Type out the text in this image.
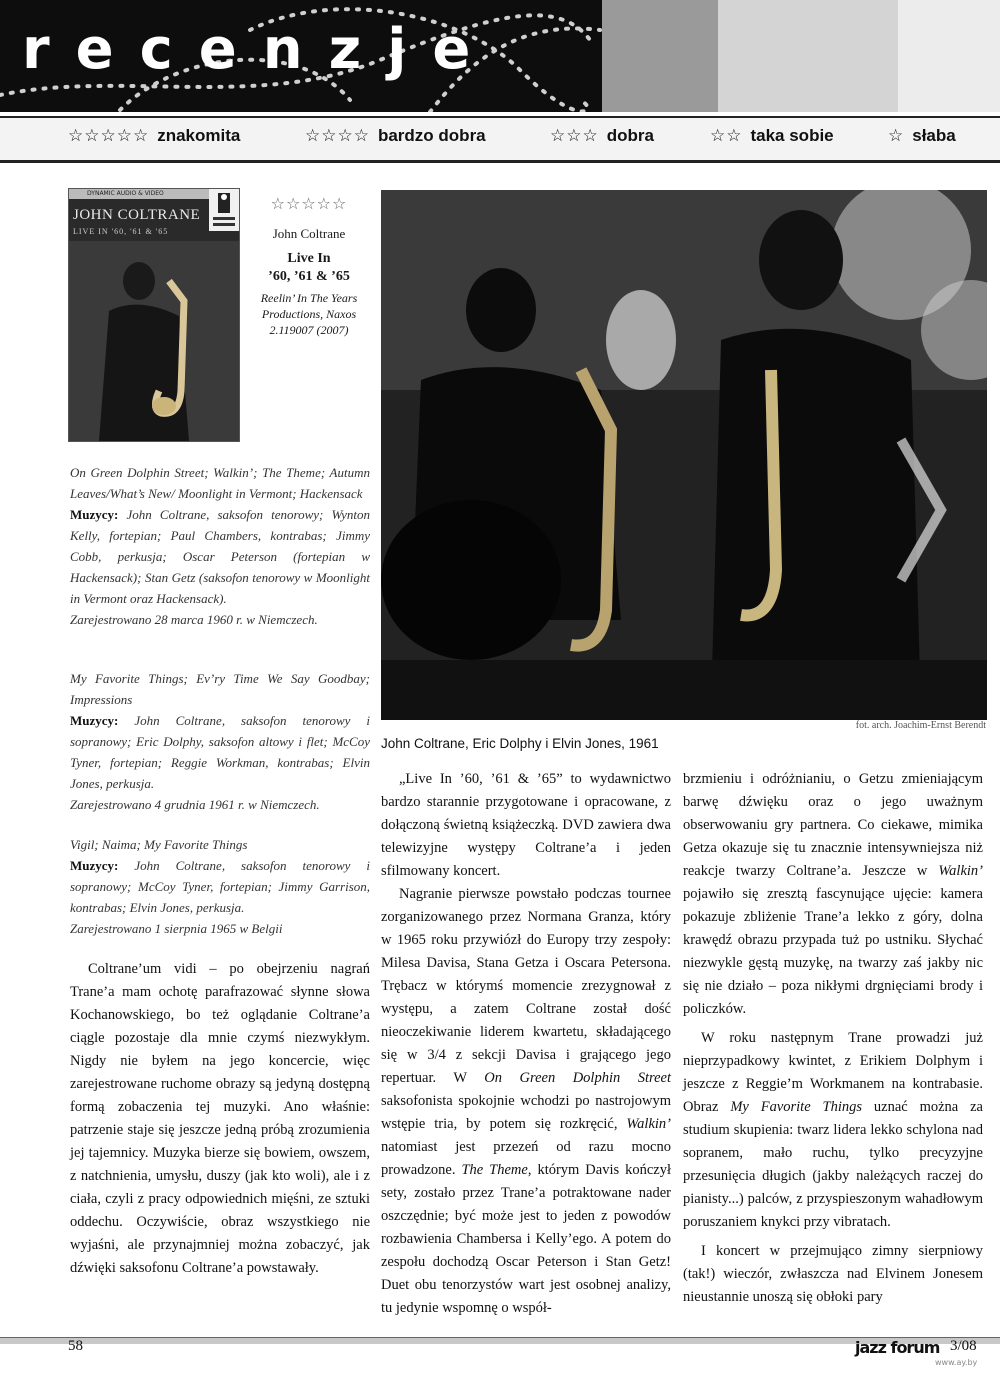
recenzje
☆☆☆☆☆ znakomita	☆☆☆☆ bardzo dobra	☆☆☆ dobra	☆☆ taka sobie	☆ słaba
DYNAMIC AUDIO & VIDEO
JOHN COLTRANE
LIVE IN '60, '61 & '65
☆☆☆☆☆
John Coltrane
Live In
’60, ’61 & ’65
Reelin’ In The Years Productions, Naxos 2.119007 (2007)
On Green Dolphin Street; Walkin’; The Theme; Autumn Leaves/What’s New/ Moonlight in Vermont; Hackensack
Muzycy: John Coltrane, saksofon tenorowy; Wynton Kelly, fortepian; Paul Chambers, kontrabas; Jimmy Cobb, perkusja; Oscar Peterson (fortepian w Hackensack); Stan Getz (saksofon tenorowy w Moonlight in Vermont oraz Hackensack).
Zarejestrowano 28 marca 1960 r. w Niemczech.
My Favorite Things; Ev’ry Time We Say Goodbay; Impressions
Muzycy: John Coltrane, saksofon tenorowy i sopranowy; Eric Dolphy, saksofon altowy i flet; McCoy Tyner, fortepian; Reggie Workman, kontrabas; Elvin Jones, perkusja.
Zarejestrowano 4 grudnia 1961 r. w Niemczech.
Vigil; Naima; My Favorite Things
Muzycy: John Coltrane, saksofon tenorowy i sopranowy; McCoy Tyner, fortepian; Jimmy Garrison, kontrabas; Elvin Jones, perkusja.
Zarejestrowano 1 sierpnia 1965 w Belgii
fot. arch. Joachim-Ernst Berendt
John Coltrane, Eric Dolphy i Elvin Jones, 1961

Coltrane’um vidi – po obejrzeniu nagrań Trane’a mam ochotę parafrazować słynne słowa Kochanowskiego, bo też oglądanie Coltrane’a ciągle pozostaje dla mnie czymś niezwykłym. Nigdy nie byłem na jego koncercie, więc zarejestrowane ruchome obrazy są jedyną dostępną formą zobaczenia tej muzyki. Ano właśnie: patrzenie staje się jeszcze jedną próbą zrozumienia jej tajemnicy. Muzyka bierze się bowiem, owszem, z natchnienia, umysłu, duszy (jak kto woli), ale i z ciała, czyli z pracy odpowiednich mięśni, ze sztuki oddechu. Oczywiście, obraz wszystkiego nie wyjaśni, ale przynajmniej można zobaczyć, jak dźwięki saksofonu Coltrane’a powstawały.

„Live In ’60, ’61 & ’65” to wydawnictwo bardzo starannie przygotowane i opracowane, z dołączoną świetną książeczką. DVD zawiera dwa telewizyjne występy Coltrane’a i jeden sfilmowany koncert.

Nagranie pierwsze powstało podczas tournee zorganizowanego przez Normana Granza, który w 1965 roku przywiózł do Europy trzy zespoły: Milesa Davisa, Stana Getza i Oscara Petersona. Trębacz w którymś momencie zrezygnował z występu, a zatem Coltrane został dość nieoczekiwanie liderem kwartetu, składającego się w 3/4 z sekcji Davisa i grającego jego repertuar. W On Green Dolphin Street saksofonista spokojnie wchodzi po nastrojowym wstępie tria, by potem się rozkręcić, Walkin’ natomiast jest przezeń od razu mocno prowadzone. The Theme, którym Davis kończył sety, zostało przez Trane’a potraktowane nader oszczędnie; być może jest to jeden z powodów rozbawienia Chambersa i Kelly’ego. A potem do zespołu dochodzą Oscar Peterson i Stan Getz! Duet obu tenorzystów wart jest osobnej analizy, tu jedynie wspomnę o współ-

brzmieniu i odróżnianiu, o Getzu zmieniającym barwę dźwięku oraz o jego uważnym obserwowaniu gry partnera. Co ciekawe, mimika Getza okazuje się tu znacznie intensywniejsza niż reakcje twarzy Coltrane’a. Jeszcze w Walkin’ pojawiło się zresztą fascynujące ujęcie: kamera pokazuje zbliżenie Trane’a lekko z góry, dolna krawędź obrazu przypada tuż po ustniku. Słychać niezwykle gęstą muzykę, na twarzy zaś jakby nic się nie działo – poza nikłymi drgnięciami brody i policzków.

W roku następnym Trane prowadzi już nieprzypadkowy kwintet, z Erikiem Dolphym i jeszcze z Reggie’m Workmanem na kontrabasie. Obraz My Favorite Things uznać można za studium skupienia: twarz lidera lekko schylona nad sopranem, mało ruchu, tylko precyzyjne przesunięcia długich (jakby należących raczej do pianisty...) palców, z przyspieszonym wahadłowym poruszaniem knykci przy vibratach.

I koncert w przejmująco zimny sierpniowy (tak!) wieczór, zwłaszcza nad Elvinem Jonesem nieustannie unoszą się obłoki pary

58	jazz forum 3/08
www.ay.by
